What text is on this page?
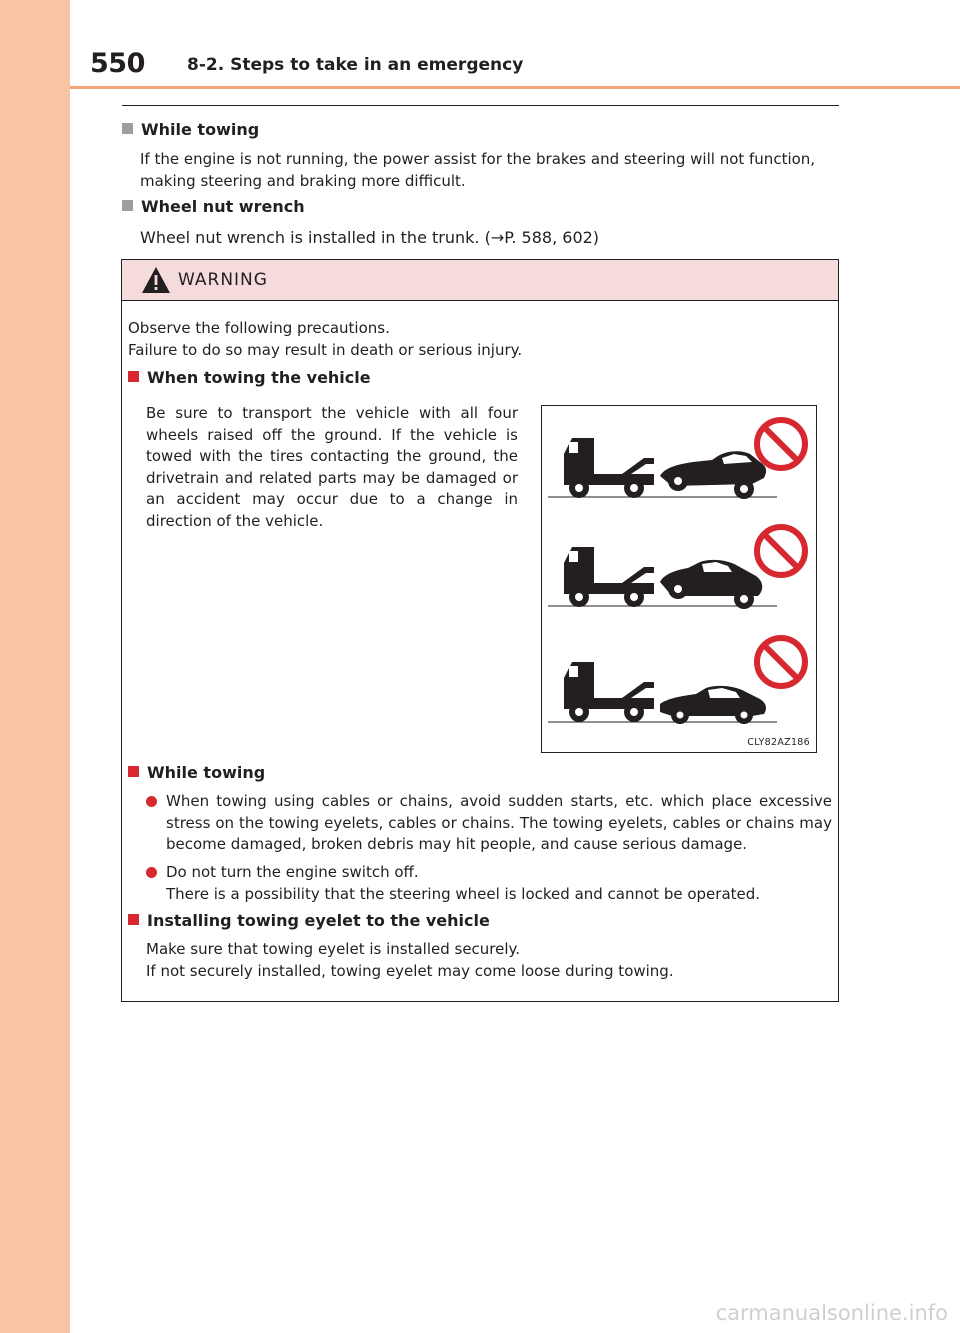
550 8-2. Steps to take in an emergency
While towing
If the engine is not running, the power assist for the brakes and steering will not function, making steering and braking more difficult.
Wheel nut wrench
Wheel nut wrench is installed in the trunk. (→P. 588, 602)
WARNING
Observe the following precautions.
Failure to do so may result in death or serious injury.
When towing the vehicle
Be sure to transport the vehicle with all four wheels raised off the ground. If the vehicle is towed with the tires contacting the ground, the drivetrain and related parts may be damaged or an accident may occur due to a change in direction of the vehicle.
While towing
When towing using cables or chains, avoid sudden starts, etc. which place excessive stress on the towing eyelets, cables or chains. The towing eyelets, cables or chains may become damaged, broken debris may hit people, and cause serious damage.
Do not turn the engine switch off.
There is a possibility that the steering wheel is locked and cannot be operated.
Installing towing eyelet to the vehicle
Make sure that towing eyelet is installed securely.
If not securely installed, towing eyelet may come loose during towing.
CLY82AZ186
carmanualsonline.info
